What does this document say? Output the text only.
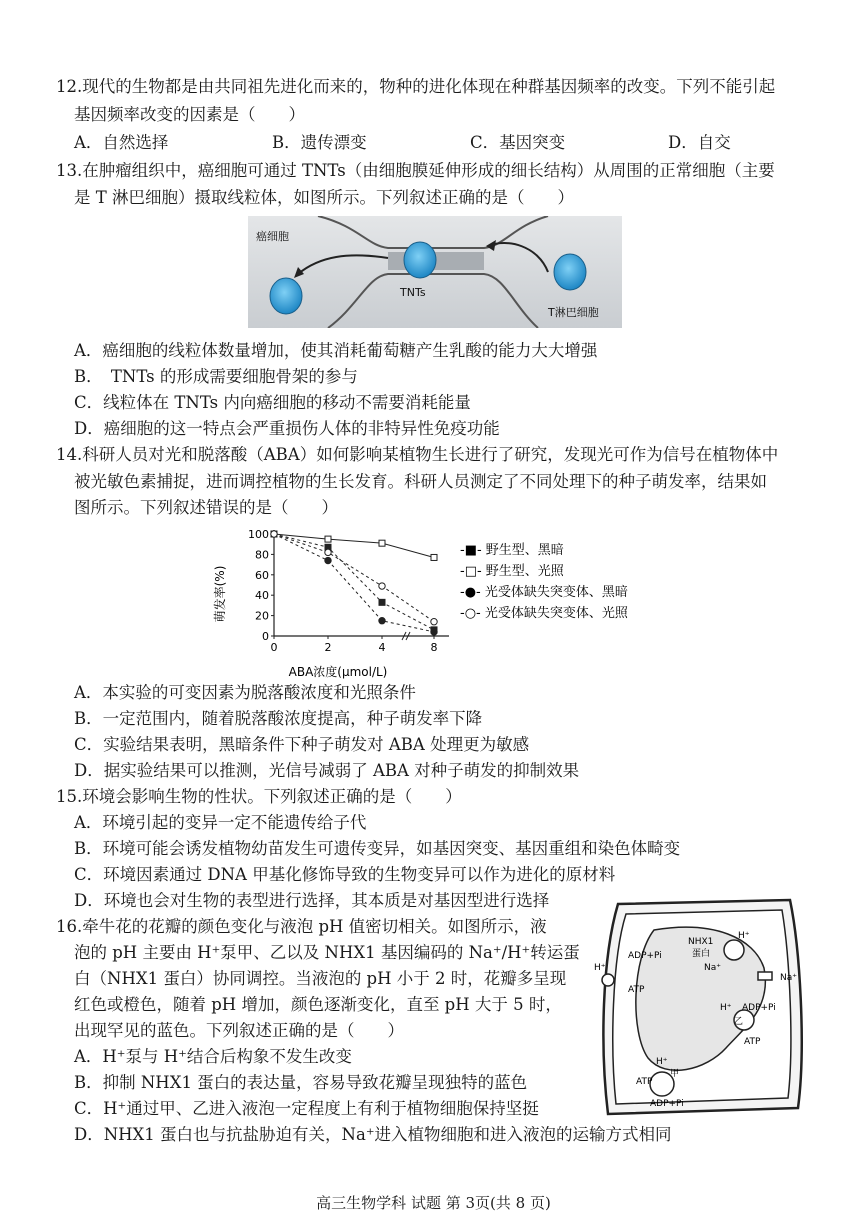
12.现代的生物都是由共同祖先进化而来的，物种的进化体现在种群基因频率的改变。下列不能引起
基因频率改变的因素是（　　）
A．自然选择	B．遗传漂变	C．基因突变	D．自交
13.在肿瘤组织中，癌细胞可通过 TNTs（由细胞膜延伸形成的细长结构）从周围的正常细胞（主要
是 T 淋巴细胞）摄取线粒体，如图所示。下列叙述正确的是（　　）
癌细胞
TNTs
T淋巴细胞
A．癌细胞的线粒体数量增加，使其消耗葡萄糖产生乳酸的能力大大增强
B．　TNTs 的形成需要细胞骨架的参与
C．线粒体在 TNTs 内向癌细胞的移动不需要消耗能量
D．癌细胞的这一特点会严重损伤人体的非特异性免疫功能
14.科研人员对光和脱落酸（ABA）如何影响某植物生长进行了研究，发现光可作为信号在植物体中
被光敏色素捕捉，进而调控植物的生长发育。科研人员测定了不同处理下的种子萌发率，结果如
图所示。下列叙述错误的是（　　）
0
20
40
60
80
100
0	2	4	8
-■- 野生型、黑暗
-□- 野生型、光照
-●- 光受体缺失突变体、黑暗
-○- 光受体缺失突变体、光照
萌发率(%)
ABA浓度(μmol/L)
A．本实验的可变因素为脱落酸浓度和光照条件
B．一定范围内，随着脱落酸浓度提高，种子萌发率下降
C．实验结果表明，黑暗条件下种子萌发对 ABA 处理更为敏感
D．据实验结果可以推测，光信号减弱了 ABA 对种子萌发的抑制效果
15.环境会影响生物的性状。下列叙述正确的是（　　）
A．环境引起的变异一定不能遗传给子代
B．环境可能会诱发植物幼苗发生可遗传变异，如基因突变、基因重组和染色体畸变
C．环境因素通过 DNA 甲基化修饰导致的生物变异可以作为进化的原材料
D．环境也会对生物的表型进行选择，其本质是对基因型进行选择
16.牵牛花的花瓣的颜色变化与液泡 pH 值密切相关。如图所示，液
泡的 pH 主要由 H⁺泵甲、乙以及 NHX1 基因编码的 Na⁺/H⁺转运蛋
白（NHX1 蛋白）协同调控。当液泡的 pH 小于 2 时，花瓣多呈现
红色或橙色，随着 pH 增加，颜色逐渐变化，直至 pH 大于 5 时，
出现罕见的蓝色。下列叙述正确的是（　　）
H⁺
ADP+Pi
ATP
NHX1
蛋白
H⁺
Na⁺
Na⁺
ADP+Pi
H⁺
乙
ATP
H⁺
甲
ATP
ADP+Pi
A．H⁺泵与 H⁺结合后构象不发生改变
B．抑制 NHX1 蛋白的表达量，容易导致花瓣呈现独特的蓝色
C．H⁺通过甲、乙进入液泡一定程度上有利于植物细胞保持坚挺
D．NHX1 蛋白也与抗盐胁迫有关，Na⁺进入植物细胞和进入液泡的运输方式相同
高三生物学科 试题 第 3页(共 8 页)
